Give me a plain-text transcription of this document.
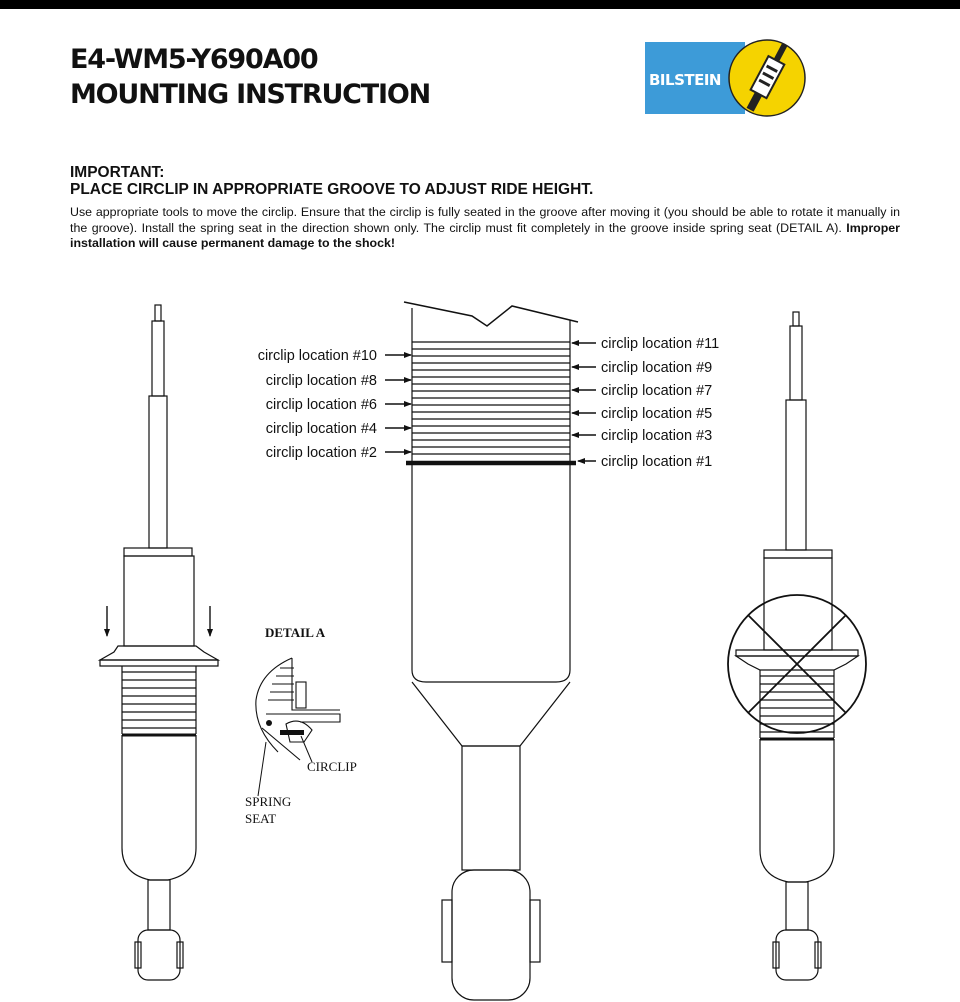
E4-WM5-Y690A00
MOUNTING INSTRUCTION	BILSTEIN
IMPORTANT:
PLACE CIRCLIP IN APPROPRIATE GROOVE TO ADJUST RIDE HEIGHT.

Use appropriate tools to move the circlip. Ensure that the circlip is fully seated in the groove after moving it (you should be able to rotate it manually in the groove). Install the spring seat in the direction shown only. The circlip must fit completely in the groove inside spring seat (DETAIL A). Improper installation will cause permanent damage to the shock!

DETAIL A
CIRCLIP
SPRING
SEAT
circlip location #10
circlip location #8
circlip location #6
circlip location #4
circlip location #2
circlip location #11
circlip location #9
circlip location #7
circlip location #5
circlip location #3
circlip location #1
